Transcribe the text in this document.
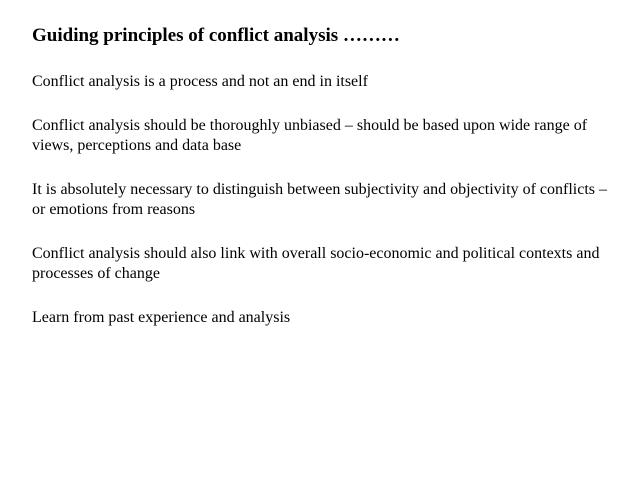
Guiding principles of conflict analysis ………
Conflict analysis is a process and not an end in itself
Conflict analysis should be thoroughly unbiased – should be based upon wide range of views, perceptions and data base
It is absolutely necessary to distinguish between subjectivity and objectivity of conflicts – or emotions from reasons
Conflict analysis should also link with overall socio-economic and political contexts and processes of change
Learn from past experience and analysis
